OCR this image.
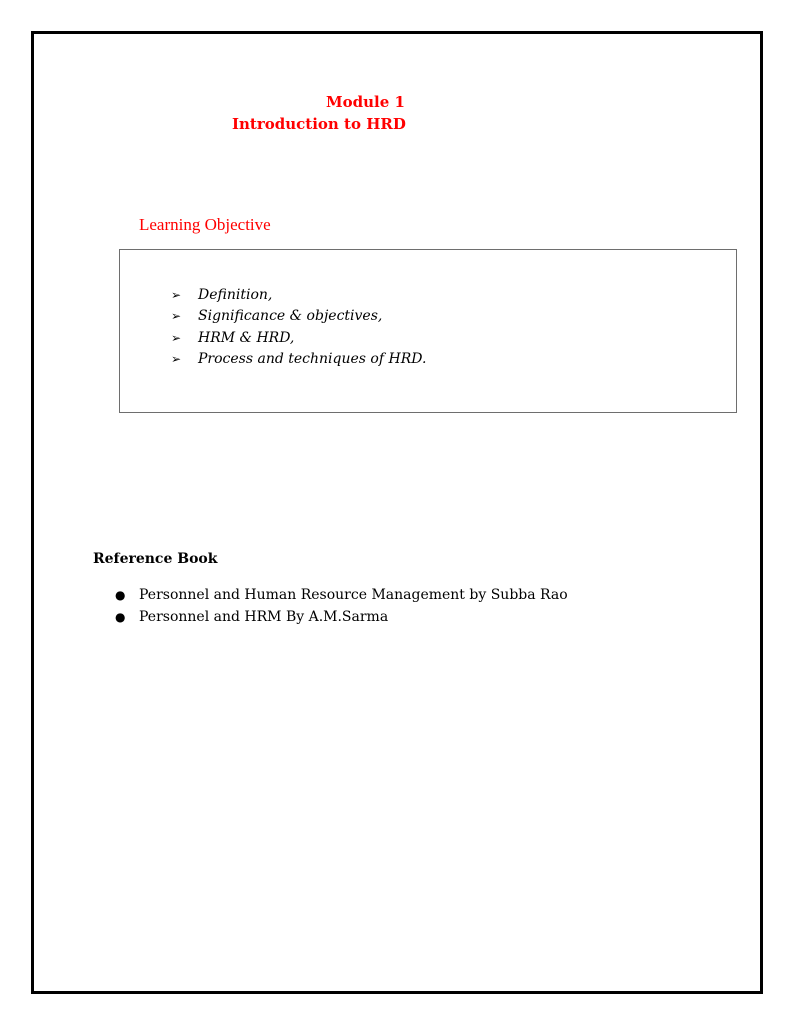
Module 1
Introduction to HRD
Learning Objective
➢	Definition,
➢	Significance & objectives,
➢	HRM & HRD,
➢	Process and techniques of HRD.
Reference Book
● Personnel and Human Resource Management by Subba Rao
● Personnel and HRM By A.M.Sarma
